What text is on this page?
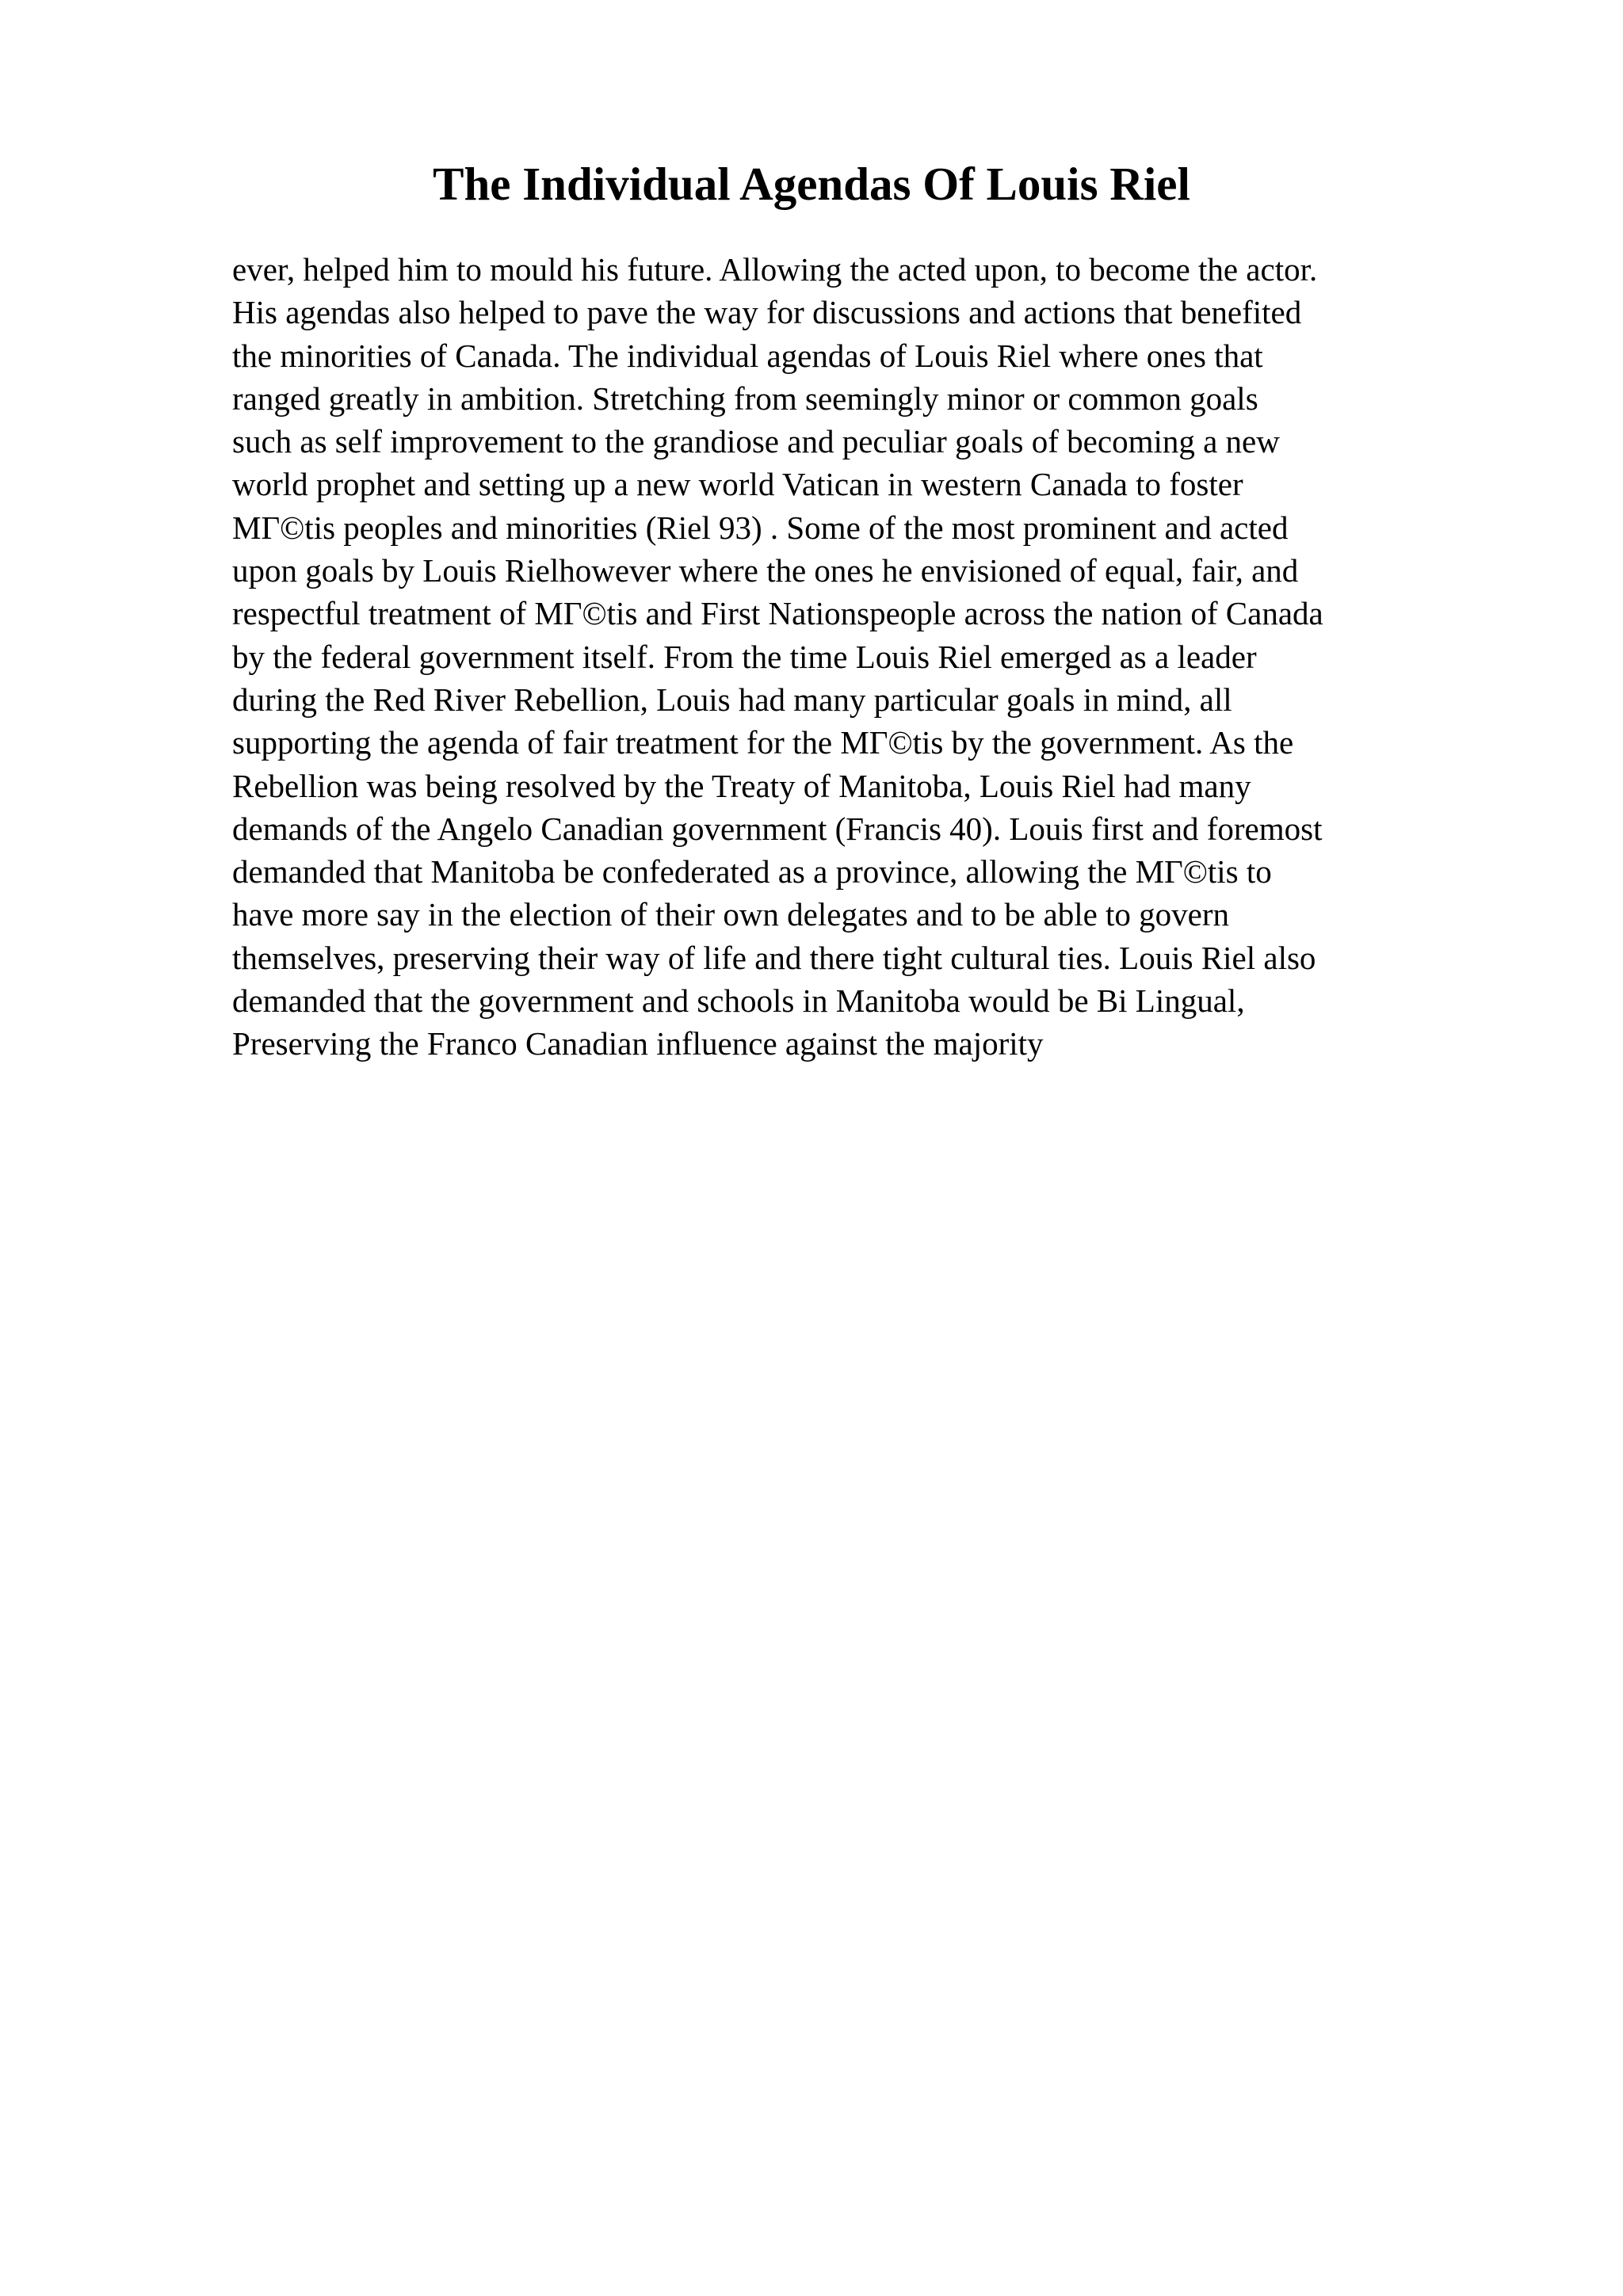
The Individual Agendas Of Louis Riel
ever, helped him to mould his future. Allowing the acted upon, to become the actor.
His agendas also helped to pave the way for discussions and actions that benefited
the minorities of Canada. The individual agendas of Louis Riel where ones that
ranged greatly in ambition. Stretching from seemingly minor or common goals
such as self improvement to the grandiose and peculiar goals of becoming a new
world prophet and setting up a new world Vatican in western Canada to foster
MΓ©tis peoples and minorities (Riel 93) . Some of the most prominent and acted
upon goals by Louis Rielhowever where the ones he envisioned of equal, fair, and
respectful treatment of MΓ©tis and First Nationspeople across the nation of Canada
by the federal government itself. From the time Louis Riel emerged as a leader
during the Red River Rebellion, Louis had many particular goals in mind, all
supporting the agenda of fair treatment for the MΓ©tis by the government. As the
Rebellion was being resolved by the Treaty of Manitoba, Louis Riel had many
demands of the Angelo Canadian government (Francis 40). Louis first and foremost
demanded that Manitoba be confederated as a province, allowing the MΓ©tis to
have more say in the election of their own delegates and to be able to govern
themselves, preserving their way of life and there tight cultural ties. Louis Riel also
demanded that the government and schools in Manitoba would be Bi Lingual,
Preserving the Franco Canadian influence against the majority
